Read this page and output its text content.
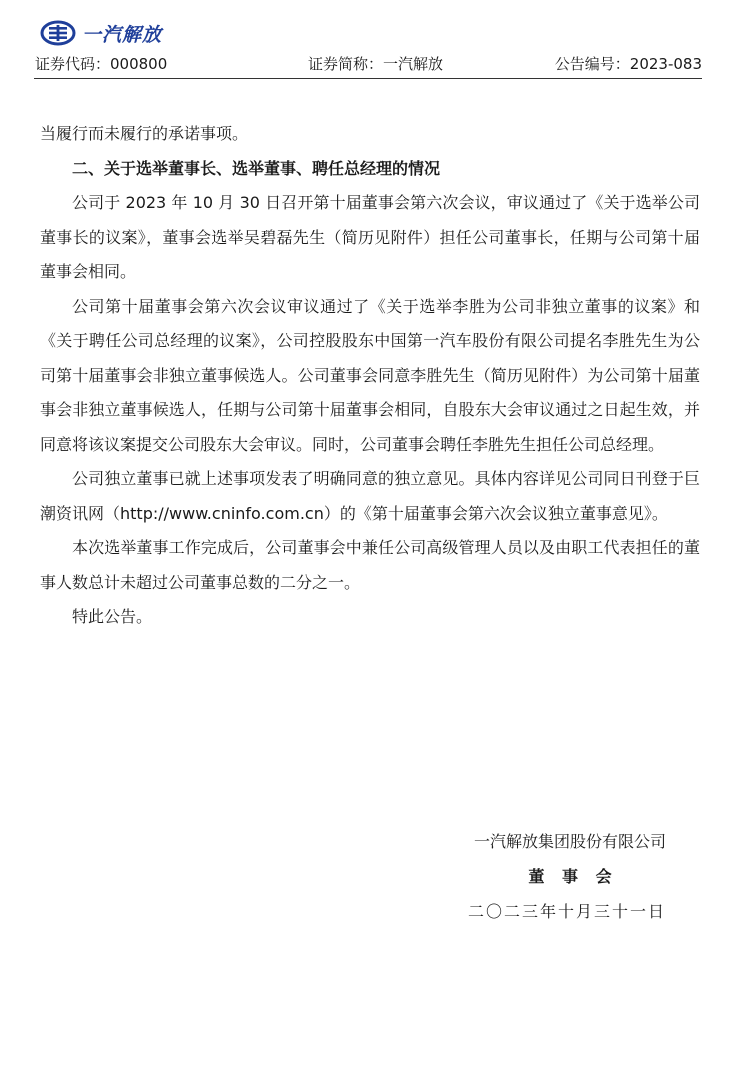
一汽解放
证券代码：000800	证券简称：一汽解放	公告编号：2023-083

当履行而未履行的承诺事项。

二、关于选举董事长、选举董事、聘任总经理的情况

公司于 2023 年 10 月 30 日召开第十届董事会第六次会议，审议通过了《关于选举公司董事长的议案》，董事会选举吴碧磊先生（简历见附件）担任公司董事长，任期与公司第十届董事会相同。

公司第十届董事会第六次会议审议通过了《关于选举李胜为公司非独立董事的议案》和《关于聘任公司总经理的议案》，公司控股股东中国第一汽车股份有限公司提名李胜先生为公司第十届董事会非独立董事候选人。公司董事会同意李胜先生（简历见附件）为公司第十届董事会非独立董事候选人，任期与公司第十届董事会相同，自股东大会审议通过之日起生效，并同意将该议案提交公司股东大会审议。同时，公司董事会聘任李胜先生担任公司总经理。

公司独立董事已就上述事项发表了明确同意的独立意见。具体内容详见公司同日刊登于巨潮资讯网（http://www.cninfo.com.cn）的《第十届董事会第六次会议独立董事意见》。

本次选举董事工作完成后，公司董事会中兼任公司高级管理人员以及由职工代表担任的董事人数总计未超过公司董事总数的二分之一。

特此公告。

一汽解放集团股份有限公司
董 事 会
二〇二三年十月三十一日
